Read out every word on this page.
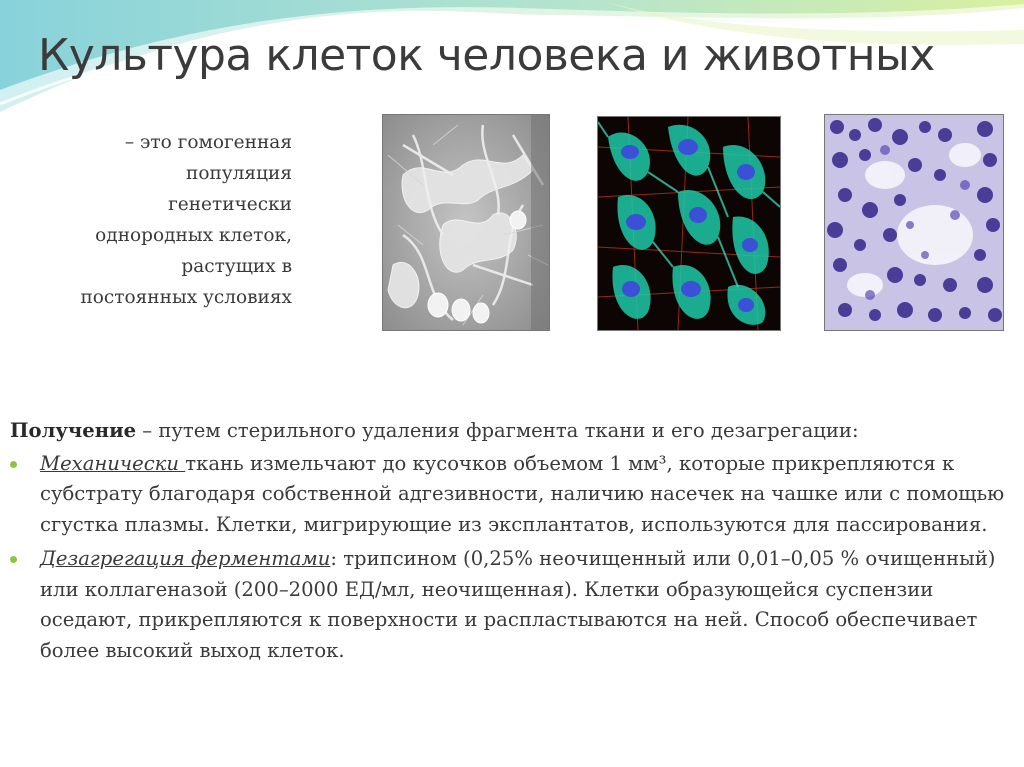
Культура клеток человека и животных
– это гомогенная
популяция
генетически
однородных клеток,
растущих в
постоянных условиях

Получение – путем стерильного удаления фрагмента ткани и его дезагрегации:

Механически ткань измельчают до кусочков объемом 1 мм³, которые прикрепляются к субстрату благодаря собственной адгезивности, наличию насечек на чашке или с помощью сгустка плазмы. Клетки, мигрирующие из эксплантатов, используются для пассирования.
Дезагрегация ферментами: трипсином (0,25% неочищенный или 0,01–0,05 % очищенный) или коллагеназой (200–2000 ЕД/мл, неочищенная). Клетки образующейся суспензии оседают, прикрепляются к поверхности и распластываются на ней. Способ обеспечивает более высокий выход клеток.
